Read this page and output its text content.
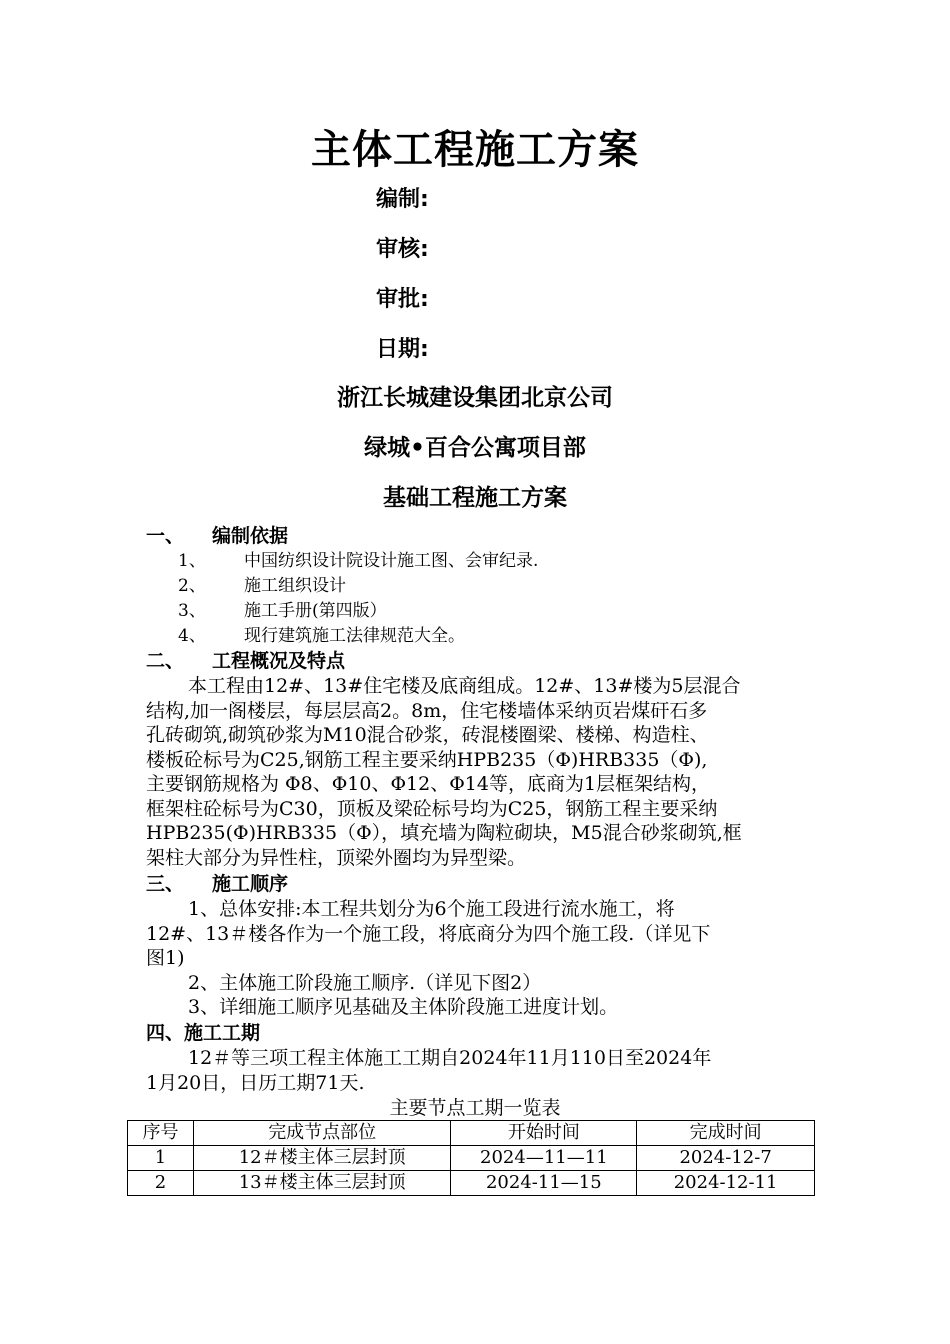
主体工程施工方案
编制:
审核:
审批:
日期:
浙江长城建设集团北京公司
绿城•百合公寓项目部
基础工程施工方案
一、 编制依据
1、 中国纺织设计院设计施工图、会审纪录.
2、 施工组织设计
3、 施工手册(第四版）
4、 现行建筑施工法律规范大全。
二、 工程概况及特点
本工程由12#、13#住宅楼及底商组成。12#、13#楼为5层混合
结构,加一阁楼层，每层层高2。8m，住宅楼墙体采纳页岩煤矸石多
孔砖砌筑,砌筑砂浆为M10混合砂浆，砖混楼圈梁、楼梯、构造柱、
楼板砼标号为C25,钢筋工程主要采纳HPB235（Φ)HRB335（Φ),
主要钢筋规格为 Φ8、Φ10、Φ12、Φ14等，底商为1层框架结构，
框架柱砼标号为C30，顶板及梁砼标号均为C25，钢筋工程主要采纳
HPB235(Φ)HRB335（Φ），填充墙为陶粒砌块，M5混合砂浆砌筑,框
架柱大部分为异性柱，顶梁外圈均为异型梁。
三、 施工顺序
1、总体安排:本工程共划分为6个施工段进行流水施工，将
12#、13＃楼各作为一个施工段，将底商分为四个施工段.（详见下
图1)
2、主体施工阶段施工顺序.（详见下图2）
3、详细施工顺序见基础及主体阶段施工进度计划。
四、施工工期
12＃等三项工程主体施工工期自2024年11月110日至2024年
1月20日，日历工期71天.
主要节点工期一览表
序号	完成节点部位	开始时间	完成时间
1	12＃楼主体三层封顶	2024—11—11	2024-12-7
2	13＃楼主体三层封顶	2024-11—15	2024-12-11
